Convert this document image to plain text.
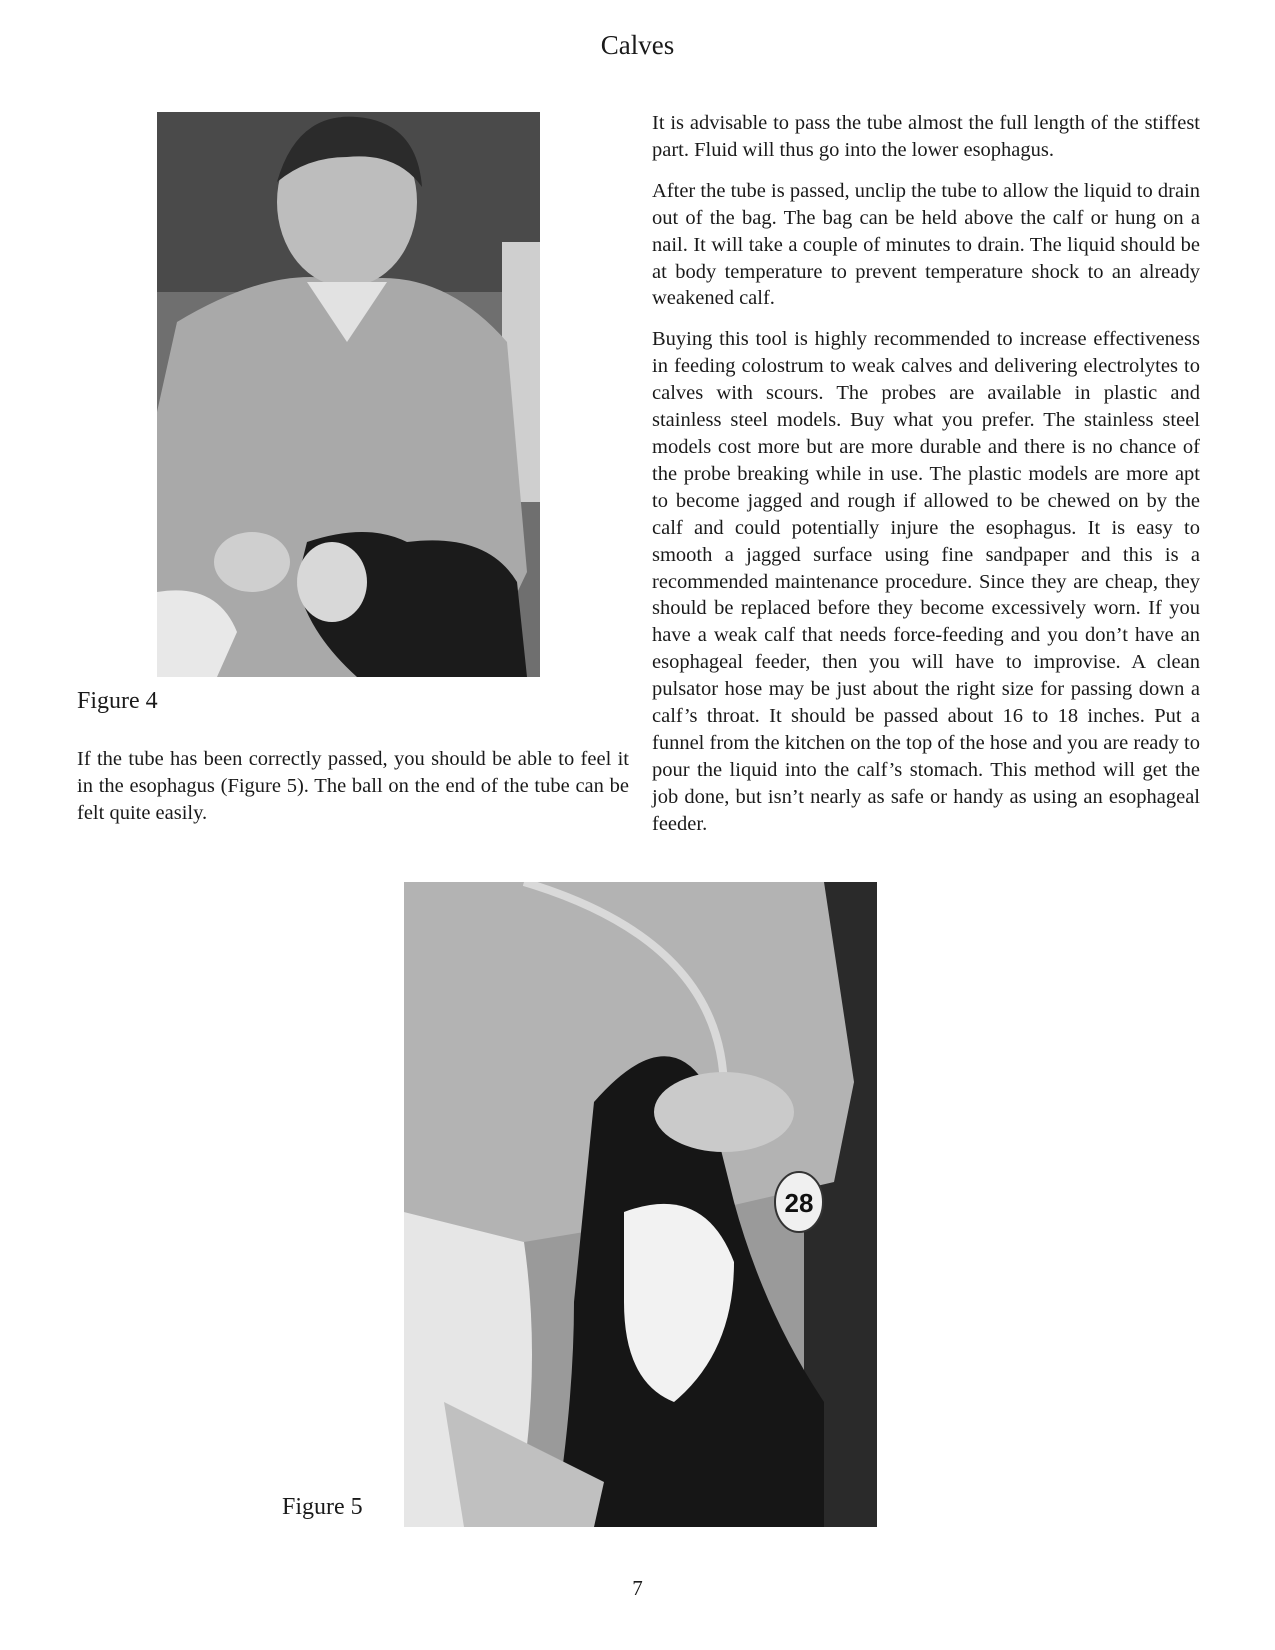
Calves
Figure 4

If the tube has been correctly passed, you should be able to feel it in the esophagus (Figure 5). The ball on the end of the tube can be felt quite easily.

It is advisable to pass the tube almost the full length of the stiffest part. Fluid will thus go into the lower esophagus.

After the tube is passed, unclip the tube to allow the liquid to drain out of the bag. The bag can be held above the calf or hung on a nail. It will take a couple of minutes to drain. The liquid should be at body temperature to prevent temperature shock to an already weakened calf.

Buying this tool is highly recommended to increase effectiveness in feeding colostrum to weak calves and delivering electrolytes to calves with scours. The probes are available in plastic and stainless steel models. Buy what you prefer. The stainless steel models cost more but are more durable and there is no chance of the probe breaking while in use. The plastic models are more apt to become jagged and rough if allowed to be chewed on by the calf and could potentially injure the esophagus. It is easy to smooth a jagged surface using fine sandpaper and this is a recommended maintenance procedure. Since they are cheap, they should be replaced before they become excessively worn. If you have a weak calf that needs force-feeding and you don’t have an esophageal feeder, then you will have to improvise. A clean pulsator hose may be just about the right size for passing down a calf’s throat. It should be passed about 16 to 18 inches. Put a funnel from the kitchen on the top of the hose and you are ready to pour the liquid into the calf’s stomach. This method will get the job done, but isn’t nearly as safe or handy as using an esophageal feeder.

28
Figure 5
7
